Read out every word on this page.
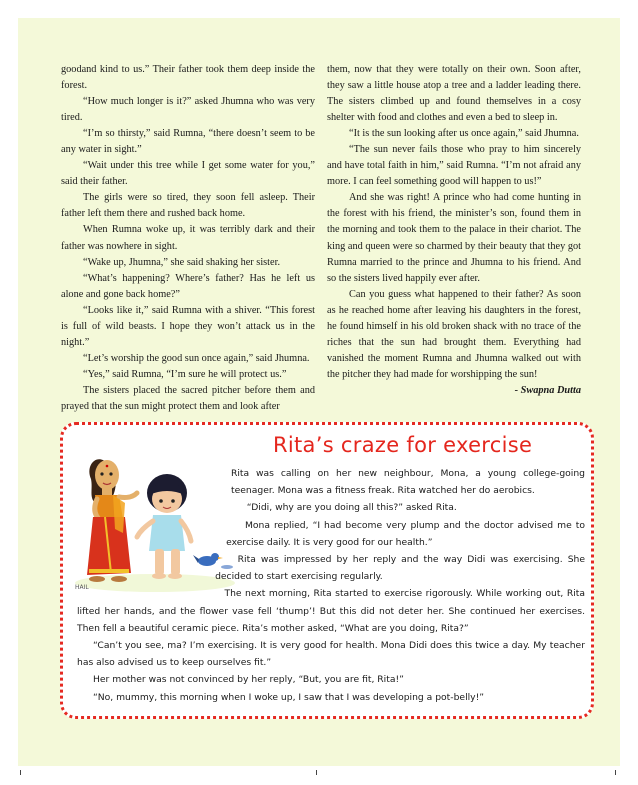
goodand kind to us.” Their father took them deep inside the forest.

“How much longer is it?” asked Jhumna who was very tired.

“I’m so thirsty,” said Rumna, “there doesn’t seem to be any water in sight.”

“Wait under this tree while I get some water for you,” said their father.

The girls were so tired, they soon fell asleep. Their father left them there and rushed back home.

When Rumna woke up, it was terribly dark and their father was nowhere in sight.

“Wake up, Jhumna,” she said shaking her sister.

“What’s happening? Where’s father? Has he left us alone and gone back home?”

“Looks like it,” said Rumna with a shiver. “This forest is full of wild beasts. I hope they won’t attack us in the night.”

“Let’s worship the good sun once again,” said Jhumna.

“Yes,” said Rumna, “I’m sure he will protect us.”

The sisters placed the sacred pitcher before them and prayed that the sun might protect them and look after

them, now that they were totally on their own. Soon after, they saw a little house atop a tree and a ladder leading there. The sisters climbed up and found themselves in a cosy shelter with food and clothes and even a bed to sleep in.

“It is the sun looking after us once again,” said Jhumna.

“The sun never fails those who pray to him sincerely and have total faith in him,” said Rumna. “I’m not afraid any more. I can feel something good will happen to us!”

And she was right! A prince who had come hunting in the forest with his friend, the minister’s son, found them in the morning and took them to the palace in their chariot. The king and queen were so charmed by their beauty that they got Rumna married to the prince and Jhumna to his friend. And so the sisters lived happily ever after.

Can you guess what happened to their father? As soon as he reached home after leaving his daughters in the forest, he found himself in his old broken shack with no trace of the riches that the sun had brought them. Everything had vanished the moment Rumna and Jhumna walked out with the pitcher they had made for worshipping the sun!
- Swapna Dutta

Rita’s craze for exercise
HAIL

Rita was calling on her new neighbour, Mona, a young college-going teenager. Mona was a fitness freak. Rita watched her do aerobics.

“Didi, why are you doing all this?” asked Rita.

Mona replied, “I had become very plump and the doctor advised me to exercise daily. It is very good for our health.”

Rita was impressed by her reply and the way Didi was exercising. She decided to start exercising regularly.

The next morning, Rita started to exercise rigorously. While working out, Rita lifted her hands, and the flower vase fell ‘thump’! But this did not deter her. She continued her exercises. Then fell a beautiful ceramic piece. Rita’s mother asked, “What are you doing, Rita?”

“Can’t you see, ma? I’m exercising. It is very good for health. Mona Didi does this twice a day. My teacher has also advised us to keep ourselves fit.”

Her mother was not convinced by her reply, “But, you are fit, Rita!”

“No, mummy, this morning when I woke up, I saw that I was developing a pot-belly!”
